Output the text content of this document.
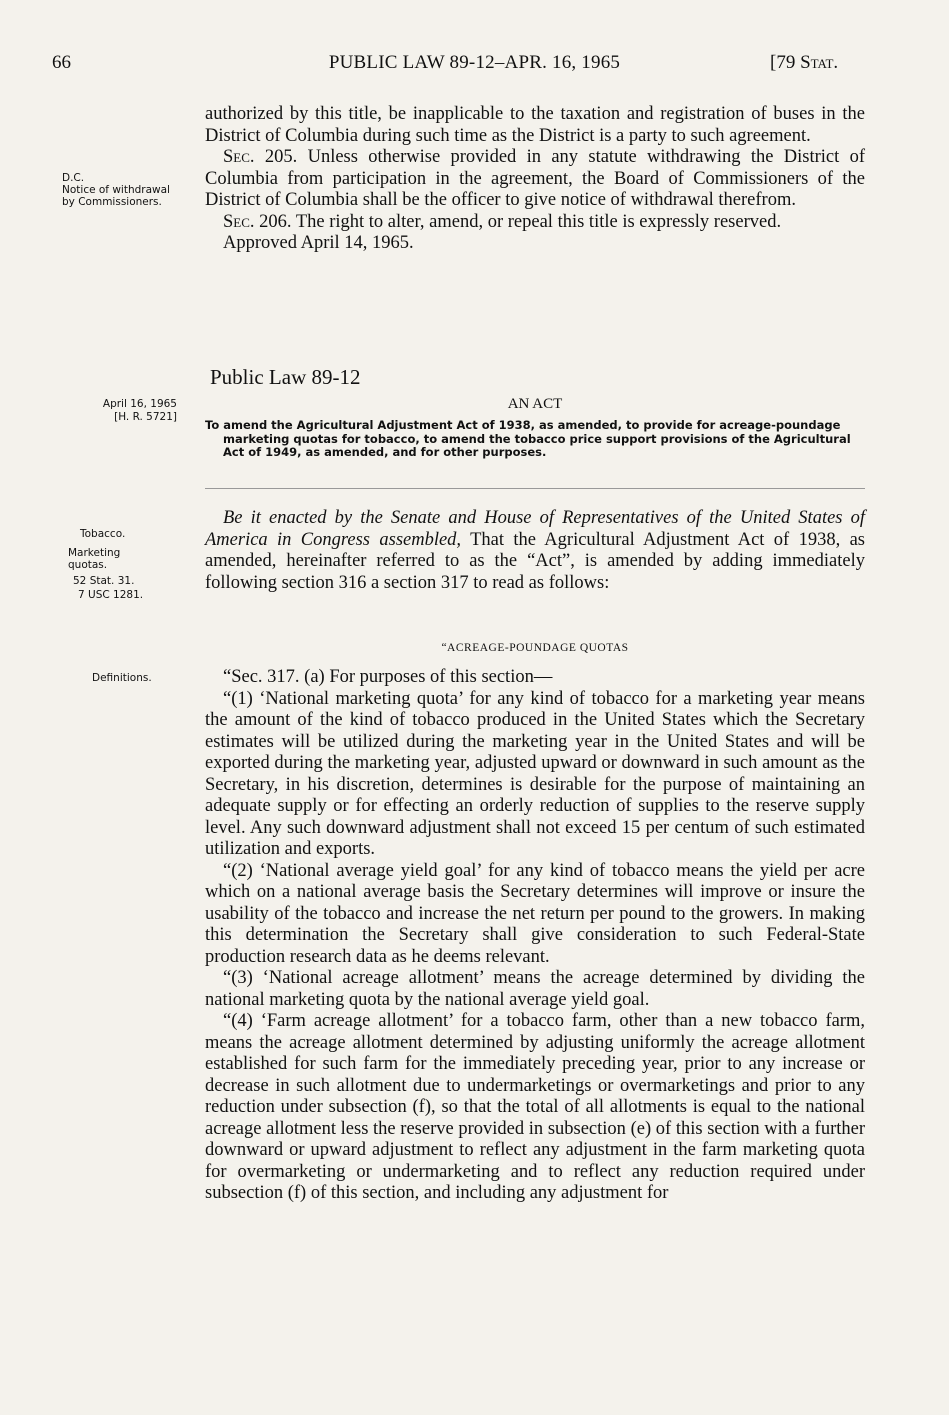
66	PUBLIC LAW 89-12–APR. 16, 1965	[79 Stat.

authorized by this title, be inapplicable to the taxation and registration of buses in the District of Columbia during such time as the District is a party to such agreement.

Sec. 205. Unless otherwise provided in any statute withdrawing the District of Columbia from participation in the agreement, the Board of Commissioners of the District of Columbia shall be the officer to give notice of withdrawal therefrom.

Sec. 206. The right to alter, amend, or repeal this title is expressly reserved.

Approved April 14, 1965.

D.C.
Notice of withdrawal by Commissioners.
Public Law 89-12
April 16, 1965
[H. R. 5721]
AN ACT

To amend the Agricultural Adjustment Act of 1938, as amended, to provide for acreage-poundage marketing quotas for tobacco, to amend the tobacco price support provisions of the Agricultural Act of 1949, as amended, and for other purposes.

Be it enacted by the Senate and House of Representatives of the United States of America in Congress assembled, That the Agricultural Adjustment Act of 1938, as amended, hereinafter referred to as the “Act”, is amended by adding immediately following section 316 a section 317 to read as follows:

Tobacco.
Marketing quotas.
52 Stat. 31.
7 USC 1281.
“ACREAGE-POUNDAGE QUOTAS
Definitions.	“Sec. 317. (a) For purposes of this section—

“(1) ‘National marketing quota’ for any kind of tobacco for a marketing year means the amount of the kind of tobacco produced in the United States which the Secretary estimates will be utilized during the marketing year in the United States and will be exported during the marketing year, adjusted upward or downward in such amount as the Secretary, in his discretion, determines is desirable for the purpose of maintaining an adequate supply or for effecting an orderly reduction of supplies to the reserve supply level. Any such downward adjustment shall not exceed 15 per centum of such estimated utilization and exports.

“(2) ‘National average yield goal’ for any kind of tobacco means the yield per acre which on a national average basis the Secretary determines will improve or insure the usability of the tobacco and increase the net return per pound to the growers. In making this determination the Secretary shall give consideration to such Federal-State production research data as he deems relevant.

“(3) ‘National acreage allotment’ means the acreage determined by dividing the national marketing quota by the national average yield goal.

“(4) ‘Farm acreage allotment’ for a tobacco farm, other than a new tobacco farm, means the acreage allotment determined by adjusting uniformly the acreage allotment established for such farm for the immediately preceding year, prior to any increase or decrease in such allotment due to undermarketings or overmarketings and prior to any reduction under subsection (f), so that the total of all allotments is equal to the national acreage allotment less the reserve provided in subsection (e) of this section with a further downward or upward adjustment to reflect any adjustment in the farm marketing quota for overmarketing or undermarketing and to reflect any reduction required under subsection (f) of this section, and including any adjustment for
